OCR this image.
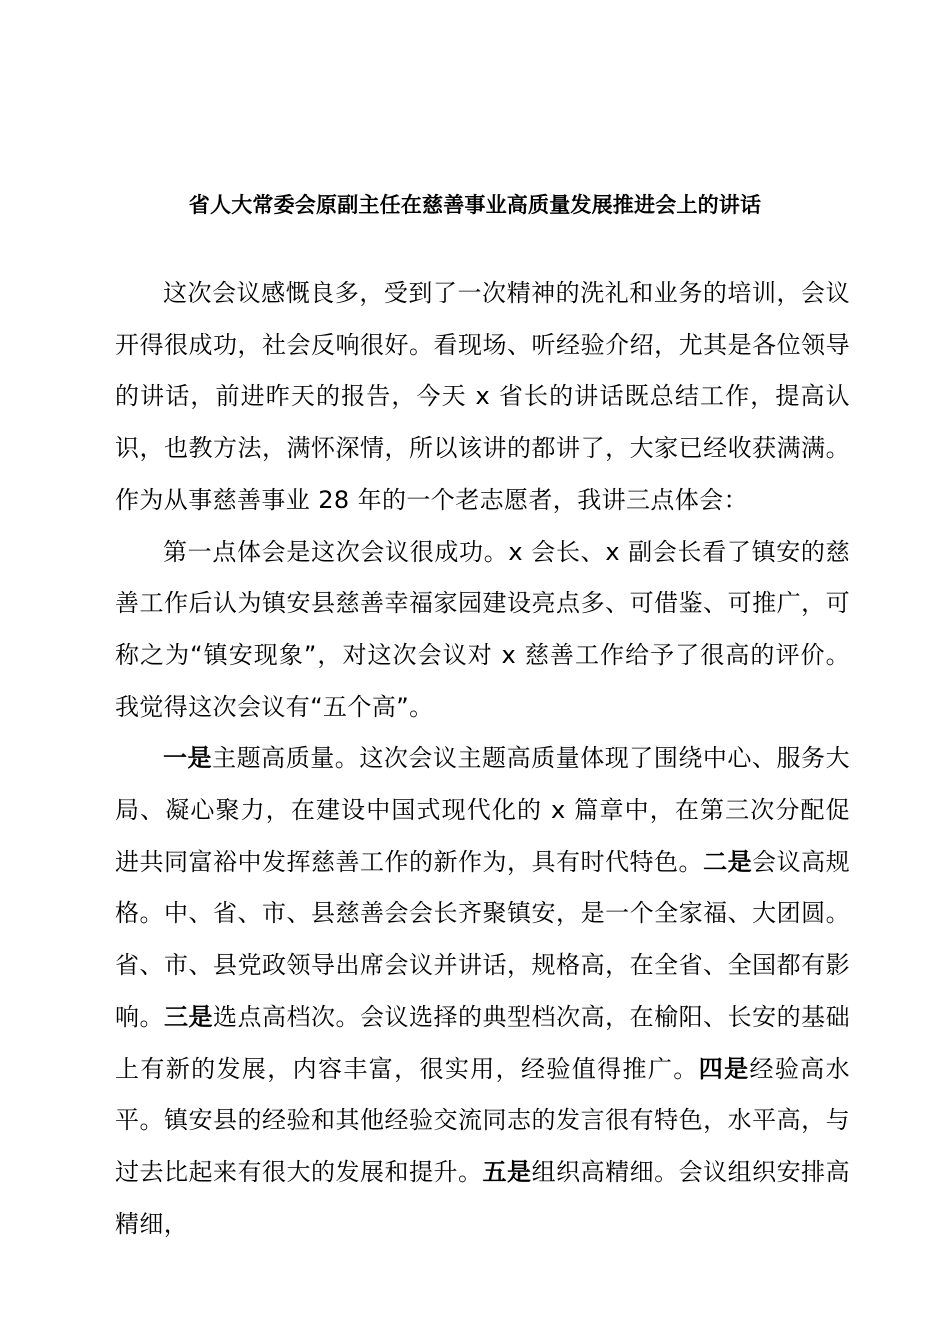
省人大常委会原副主任在慈善事业高质量发展推进会上的讲话

这次会议感慨良多，受到了一次精神的洗礼和业务的培训，会议开得很成功，社会反响很好。看现场、听经验介绍，尤其是各位领导的讲话，前进昨天的报告，今天 x 省长的讲话既总结工作，提高认识，也教方法，满怀深情，所以该讲的都讲了，大家已经收获满满。作为从事慈善事业 28 年的一个老志愿者，我讲三点体会：

第一点体会是这次会议很成功。x 会长、x 副会长看了镇安的慈善工作后认为镇安县慈善幸福家园建设亮点多、可借鉴、可推广，可称之为“镇安现象”，对这次会议对 x 慈善工作给予了很高的评价。我觉得这次会议有“五个高”。

一是主题高质量。这次会议主题高质量体现了围绕中心、服务大局、凝心聚力，在建设中国式现代化的 x 篇章中，在第三次分配促进共同富裕中发挥慈善工作的新作为，具有时代特色。二是会议高规格。中、省、市、县慈善会会长齐聚镇安，是一个全家福、大团圆。省、市、县党政领导出席会议并讲话，规格高，在全省、全国都有影响。三是选点高档次。会议选择的典型档次高，在榆阳、长安的基础上有新的发展，内容丰富，很实用，经验值得推广。四是经验高水平。镇安县的经验和其他经验交流同志的发言很有特色，水平高，与过去比起来有很大的发展和提升。五是组织高精细。会议组织安排高精细，
